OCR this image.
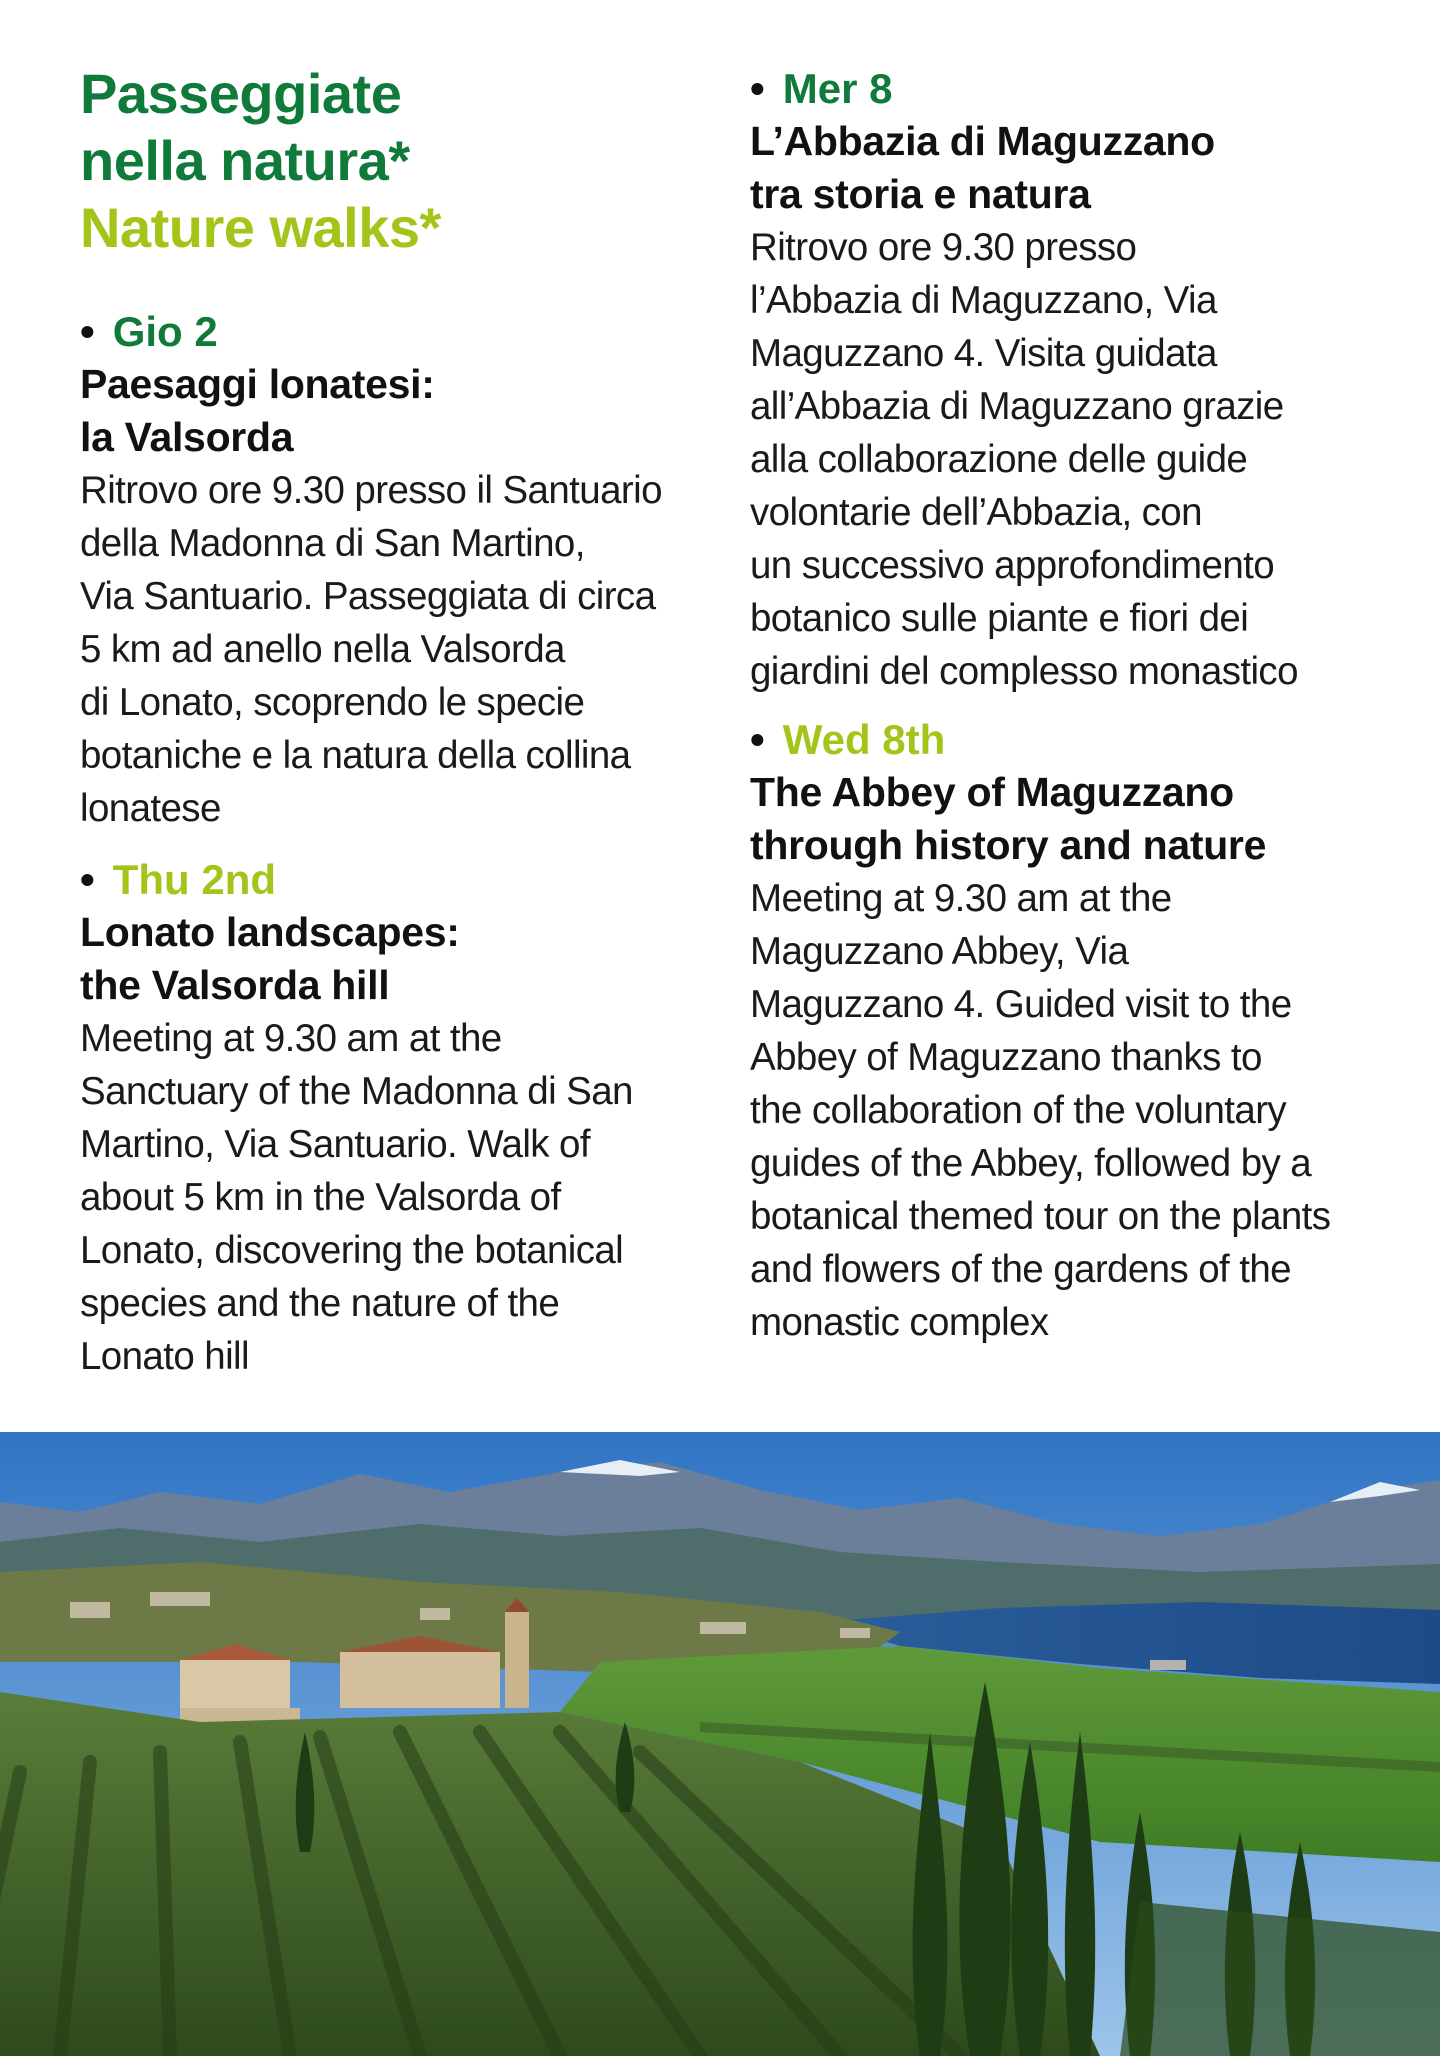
Passeggiate
nella natura*
Nature walks*
• Gio 2
Paesaggi lonatesi:
la Valsorda
Ritrovo ore 9.30 presso il Santuario
della Madonna di San Martino,
Via Santuario. Passeggiata di circa
5 km ad anello nella Valsorda
di Lonato, scoprendo le specie
botaniche e la natura della collina
lonatese
• Thu 2nd
Lonato landscapes:
the Valsorda hill
Meeting at 9.30 am at the
Sanctuary of the Madonna di San
Martino, Via Santuario. Walk of
about 5 km in the Valsorda of
Lonato, discovering the botanical
species and the nature of the
Lonato hill
• Mer 8
L’Abbazia di Maguzzano
tra storia e natura
Ritrovo ore 9.30 presso
l’Abbazia di Maguzzano, Via
Maguzzano 4. Visita guidata
all’Abbazia di Maguzzano grazie
alla collaborazione delle guide
volontarie dell’Abbazia, con
un successivo approfondimento
botanico sulle piante e fiori dei
giardini del complesso monastico
• Wed 8th
The Abbey of Maguzzano
through history and nature
Meeting at 9.30 am at the
Maguzzano Abbey, Via
Maguzzano 4. Guided visit to the
Abbey of Maguzzano thanks to
the collaboration of the voluntary
guides of the Abbey, followed by a
botanical themed tour on the plants
and flowers of the gardens of the
monastic complex
